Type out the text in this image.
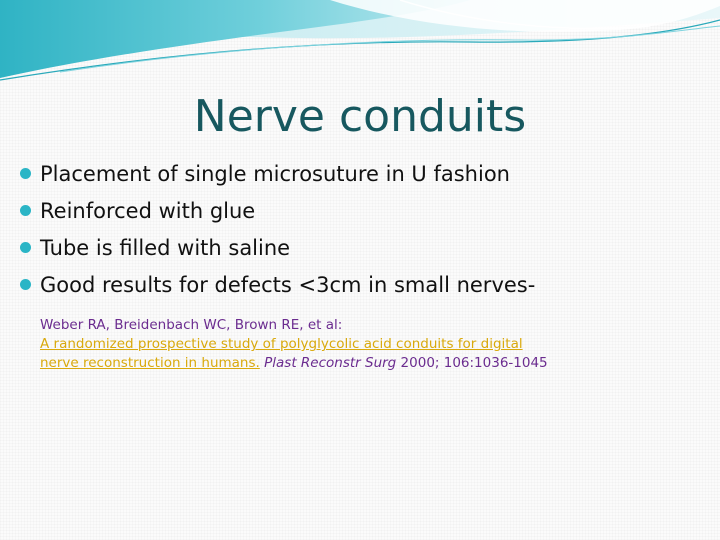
Nerve conduits
Placement of single microsuture in U fashion
Reinforced with glue
Tube is filled with saline
Good results for defects <3cm in small nerves-
Weber RA, Breidenbach WC, Brown RE, et al:
A randomized prospective study of polyglycolic acid conduits for digital
nerve reconstruction in humans. Plast Reconstr Surg 2000; 106:1036-1045
